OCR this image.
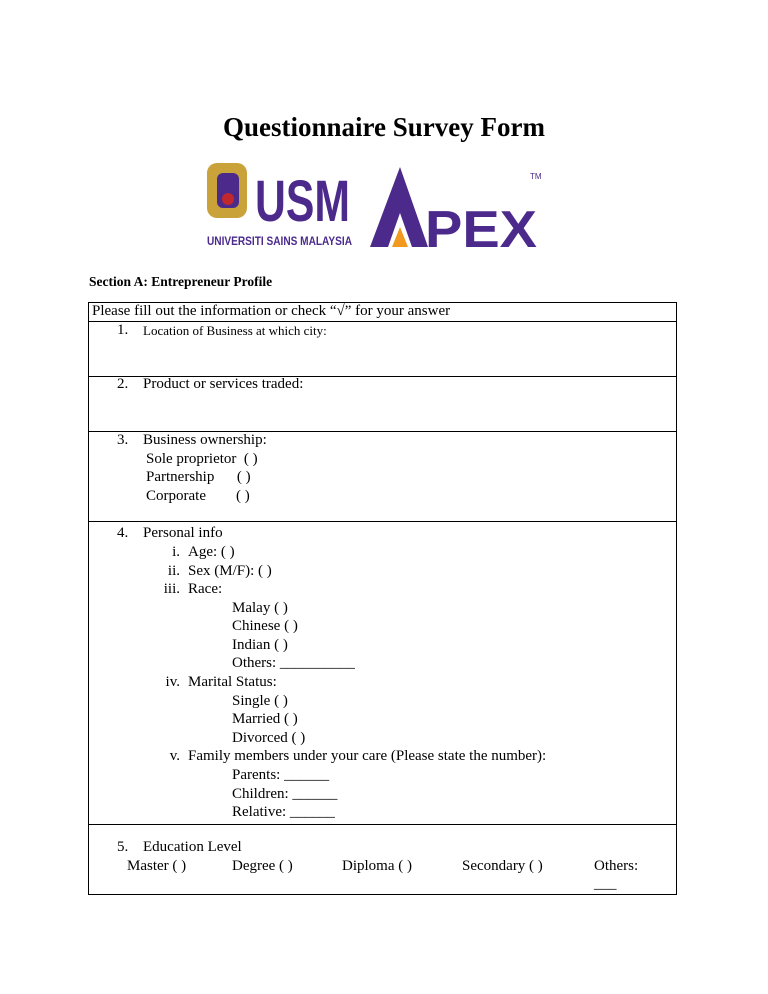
Questionnaire Survey Form
USM
UNIVERSITI SAINS MALAYSIA PEX
TM
Section A: Entrepreneur Profile
Please fill out the information or check “√” for your answer
1. Location of Business at which city:
2. Product or services traded:
3. Business ownership:
Sole proprietor  ( )
Partnership      ( )
Corporate        ( )
4. Personal info
i. Age: ( )
ii. Sex (M/F): ( )
iii. Race:
Malay ( )
Chinese ( )
Indian ( )
Others: __________
iv. Marital Status:
Single ( )
Married ( )
Divorced ( )
v. Family members under your care (Please state the number):
Parents: ______
Children: ______
Relative: ______
5. Education Level
Master ( )	Degree ( )	Diploma ( )	Secondary ( )	Others:
___
